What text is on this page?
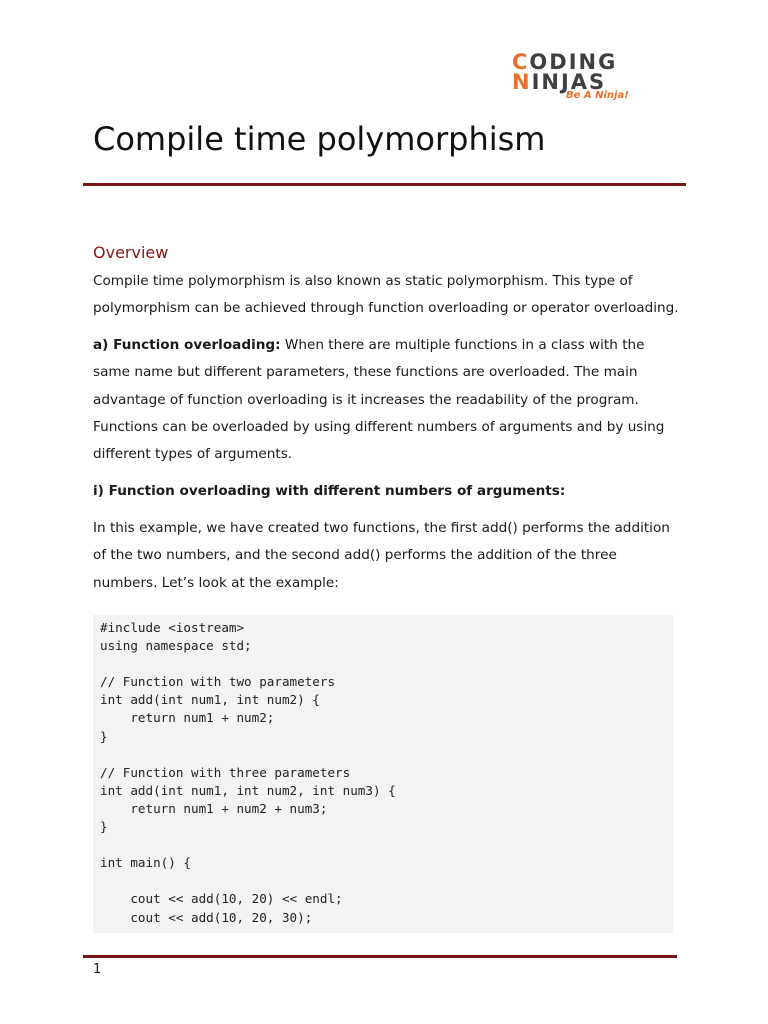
CODING
NINJAS
Be A Ninja!
Compile time polymorphism
Overview

Compile time polymorphism is also known as static polymorphism. This type of polymorphism can be achieved through function overloading or operator overloading.

a) Function overloading: When there are multiple functions in a class with the same name but different parameters, these functions are overloaded. The main advantage of function overloading is it increases the readability of the program. Functions can be overloaded by using different numbers of arguments and by using different types of arguments.

i) Function overloading with different numbers of arguments:

In this example, we have created two functions, the first add() performs the addition of the two numbers, and the second add() performs the addition of the three numbers. Let’s look at the example:

#include <iostream>
using namespace std;

// Function with two parameters
int add(int num1, int num2) {
return num1 + num2;
}

// Function with three parameters
int add(int num1, int num2, int num3) {
return num1 + num2 + num3;
}

int main() {

cout << add(10, 20) << endl;
cout << add(10, 20, 30);
1
